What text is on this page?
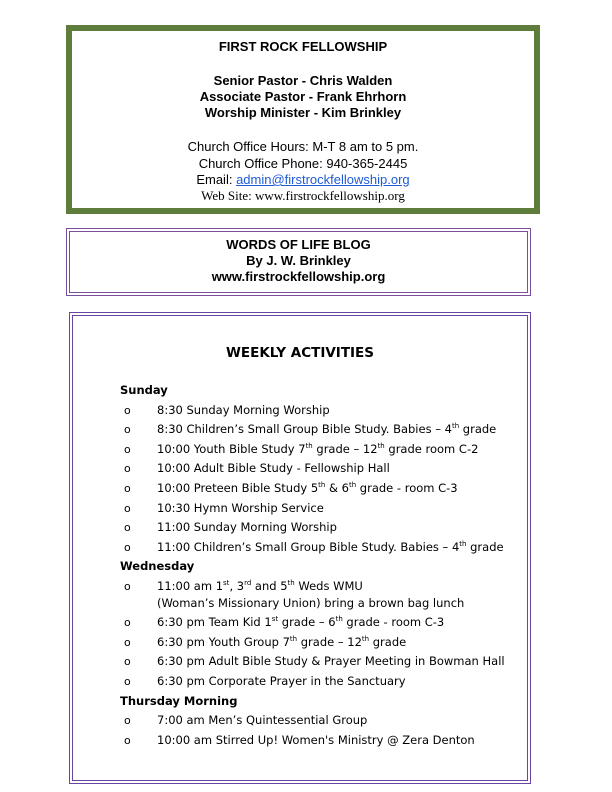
FIRST ROCK FELLOWSHIP
Senior Pastor - Chris Walden
Associate Pastor - Frank Ehrhorn
Worship Minister - Kim Brinkley
Church Office Hours: M-T 8 am to 5 pm.
Church Office Phone: 940-365-2445
Email: admin@firstrockfellowship.org
Web Site: www.firstrockfellowship.org
WORDS OF LIFE BLOG
By J. W. Brinkley
www.firstrockfellowship.org
WEEKLY ACTIVITIES
Sunday
o 8:30 Sunday Morning Worship
o 8:30 Children’s Small Group Bible Study. Babies – 4th grade
o 10:00 Youth Bible Study 7th grade – 12th grade room C-2
o 10:00 Adult Bible Study - Fellowship Hall
o 10:00 Preteen Bible Study 5th & 6th grade - room C-3
o 10:30 Hymn Worship Service
o 11:00 Sunday Morning Worship
o 11:00 Children’s Small Group Bible Study. Babies – 4th grade
Wednesday
o 11:00 am 1st, 3rd and 5th Weds WMU
(Woman’s Missionary Union) bring a brown bag lunch
o 6:30 pm Team Kid 1st grade – 6th grade - room C-3
o 6:30 pm Youth Group 7th grade – 12th grade
o 6:30 pm Adult Bible Study & Prayer Meeting in Bowman Hall
o 6:30 pm Corporate Prayer in the Sanctuary
Thursday Morning
o 7:00 am Men’s Quintessential Group
o 10:00 am Stirred Up! Women's Ministry @ Zera Denton
